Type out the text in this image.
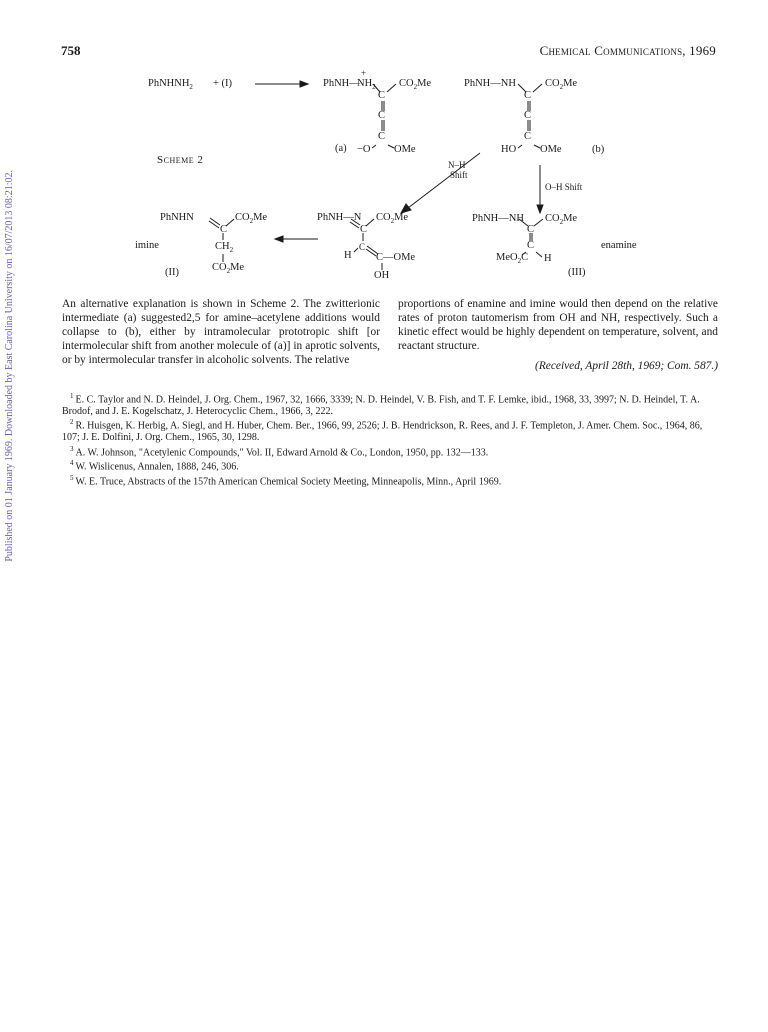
Published on 01 January 1969. Downloaded by East Carolina University on 16/07/2013 08:21:02.
758	Chemical Communications, 1969
PhNHNH$_2$ + (I)	PhNH—
$NH_2$
+
$CO_2Me$
C
C
C
−O OMe
(a)
PhNH—NH	$CO_2Me$
C
C
C
HO OMe	(b)
Scheme 2	N–H
Shift
O–H Shift
PhNHN	$CO_2Me$
C
$CH_2$
$CO_2Me$
imine
(II)
PhNH—N $CO_2Me$
C
H
C
C—OMe
OH
PhNH—NH $CO_2Me$
C
C
MeO$_2$C H
enamine
(III)

An alternative explanation is shown in Scheme 2. The zwitterionic intermediate (a) suggested2,5 for amine–acetylene additions would collapse to (b), either by intramolecular prototropic shift [or intermolecular shift from another molecule of (a)] in aprotic solvents, or by intermolecular transfer in alcoholic solvents. The relative

proportions of enamine and imine would then depend on the relative rates of proton tautomerism from OH and NH, respectively. Such a kinetic effect would be highly dependent on temperature, solvent, and reactant structure.

(Received, April 28th, 1969; Com. 587.)

$^1$ E. C. Taylor and N. D. Heindel, J. Org. Chem., 1967, 32, 1666, 3339; N. D. Heindel, V. B. Fish, and T. F. Lemke, ibid., 1968, 33, 3997; N. D. Heindel, T. A. Brodof, and J. E. Kogelschatz, J. Heterocyclic Chem., 1966, 3, 222.

$^2$ R. Huisgen, K. Herbig, A. Siegl, and H. Huber, Chem. Ber., 1966, 99, 2526; J. B. Hendrickson, R. Rees, and J. F. Templeton, J. Amer. Chem. Soc., 1964, 86, 107; J. E. Dolfini, J. Org. Chem., 1965, 30, 1298.

$^3$ A. W. Johnson, "Acetylenic Compounds," Vol. II, Edward Arnold & Co., London, 1950, pp. 132—133.

$^4$ W. Wislicenus, Annalen, 1888, 246, 306.

$^5$ W. E. Truce, Abstracts of the 157th American Chemical Society Meeting, Minneapolis, Minn., April 1969.
